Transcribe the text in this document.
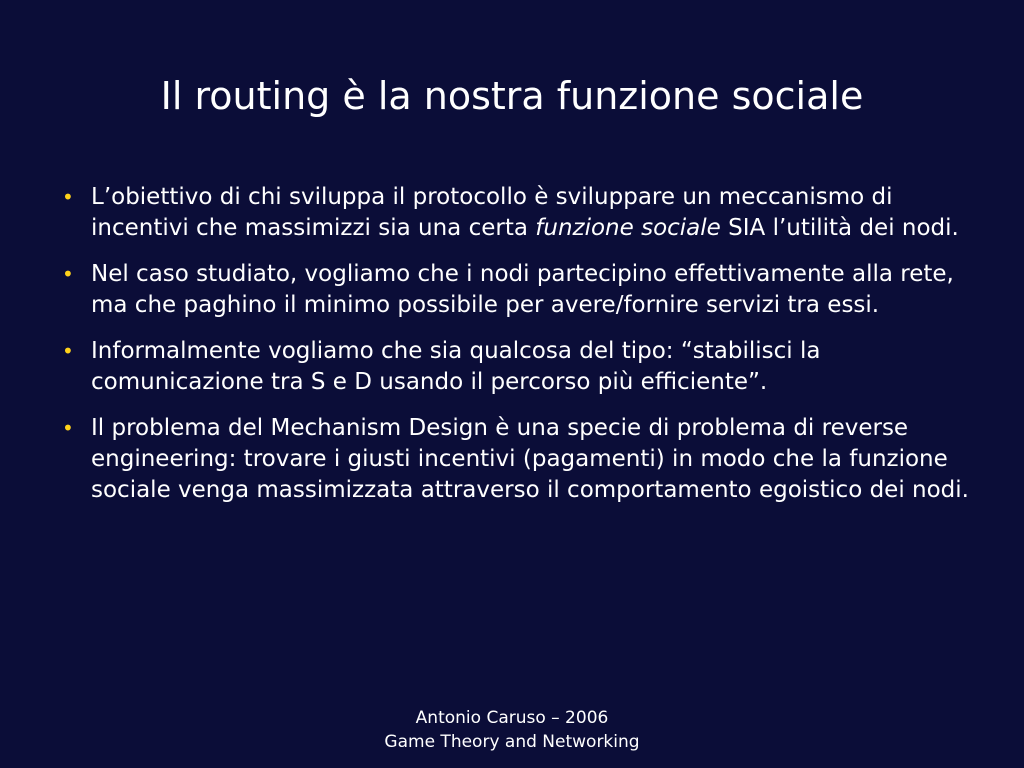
Il routing è la nostra funzione sociale
• L’obiettivo di chi sviluppa il protocollo è sviluppare un meccanismo di incentivi che massimizzi sia una certa funzione sociale SIA l’utilità dei nodi.
• Nel caso studiato, vogliamo che i nodi partecipino effettivamente alla rete, ma che paghino il minimo possibile per avere/fornire servizi tra essi.
• Informalmente vogliamo che sia qualcosa del tipo: “stabilisci la comunicazione tra S e D usando il percorso più efficiente”.
• Il problema del Mechanism Design è una specie di problema di reverse engineering: trovare i giusti incentivi (pagamenti) in modo che la funzione sociale venga massimizzata attraverso il comportamento egoistico dei nodi.
Antonio Caruso – 2006
Game Theory and Networking
